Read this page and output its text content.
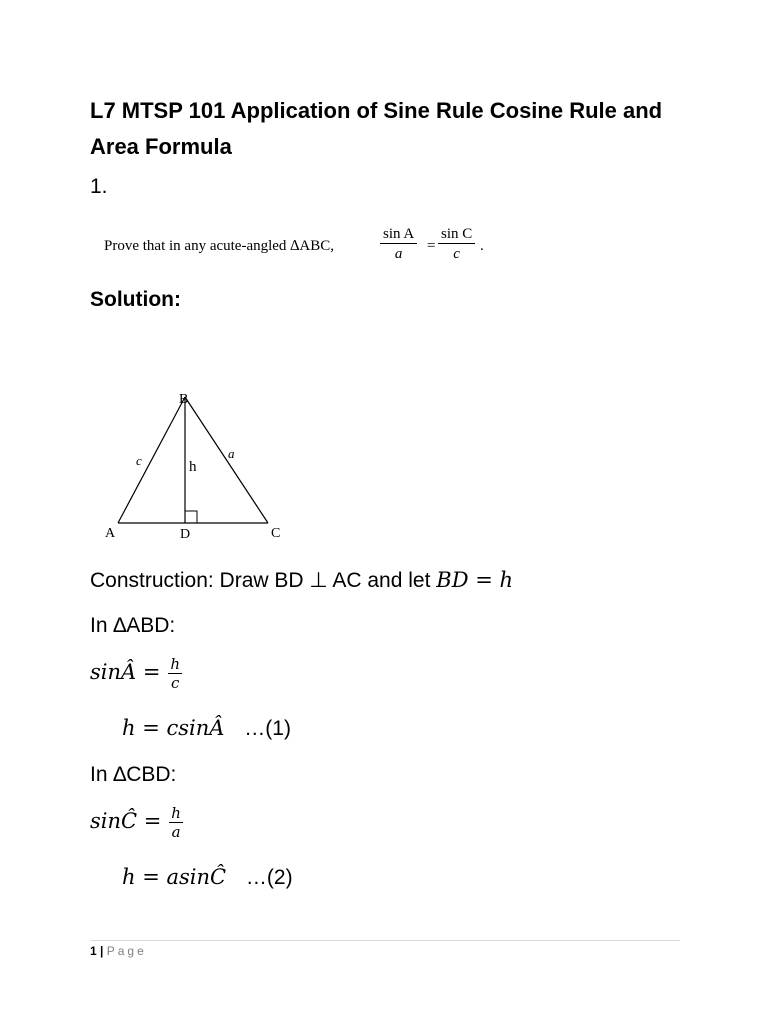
L7 MTSP 101 Application of Sine Rule Cosine Rule and Area Formula
1.
Prove that in any acute-angled ∆ABC,	$\frac{\text{sin A}}{a} = \frac{\text{sin C}}{c}$ .
Solution:
B
A	D	C
c	a
h
Construction: Draw BD ⊥ AC and let BD = h
In ∆ABD:
sinÂ = $\frac{h}{c}$
h = csinÂ …(1)
In ∆CBD:
sinĈ = $\frac{h}{a}$
h = asinĈ …(2)
1 | Page
